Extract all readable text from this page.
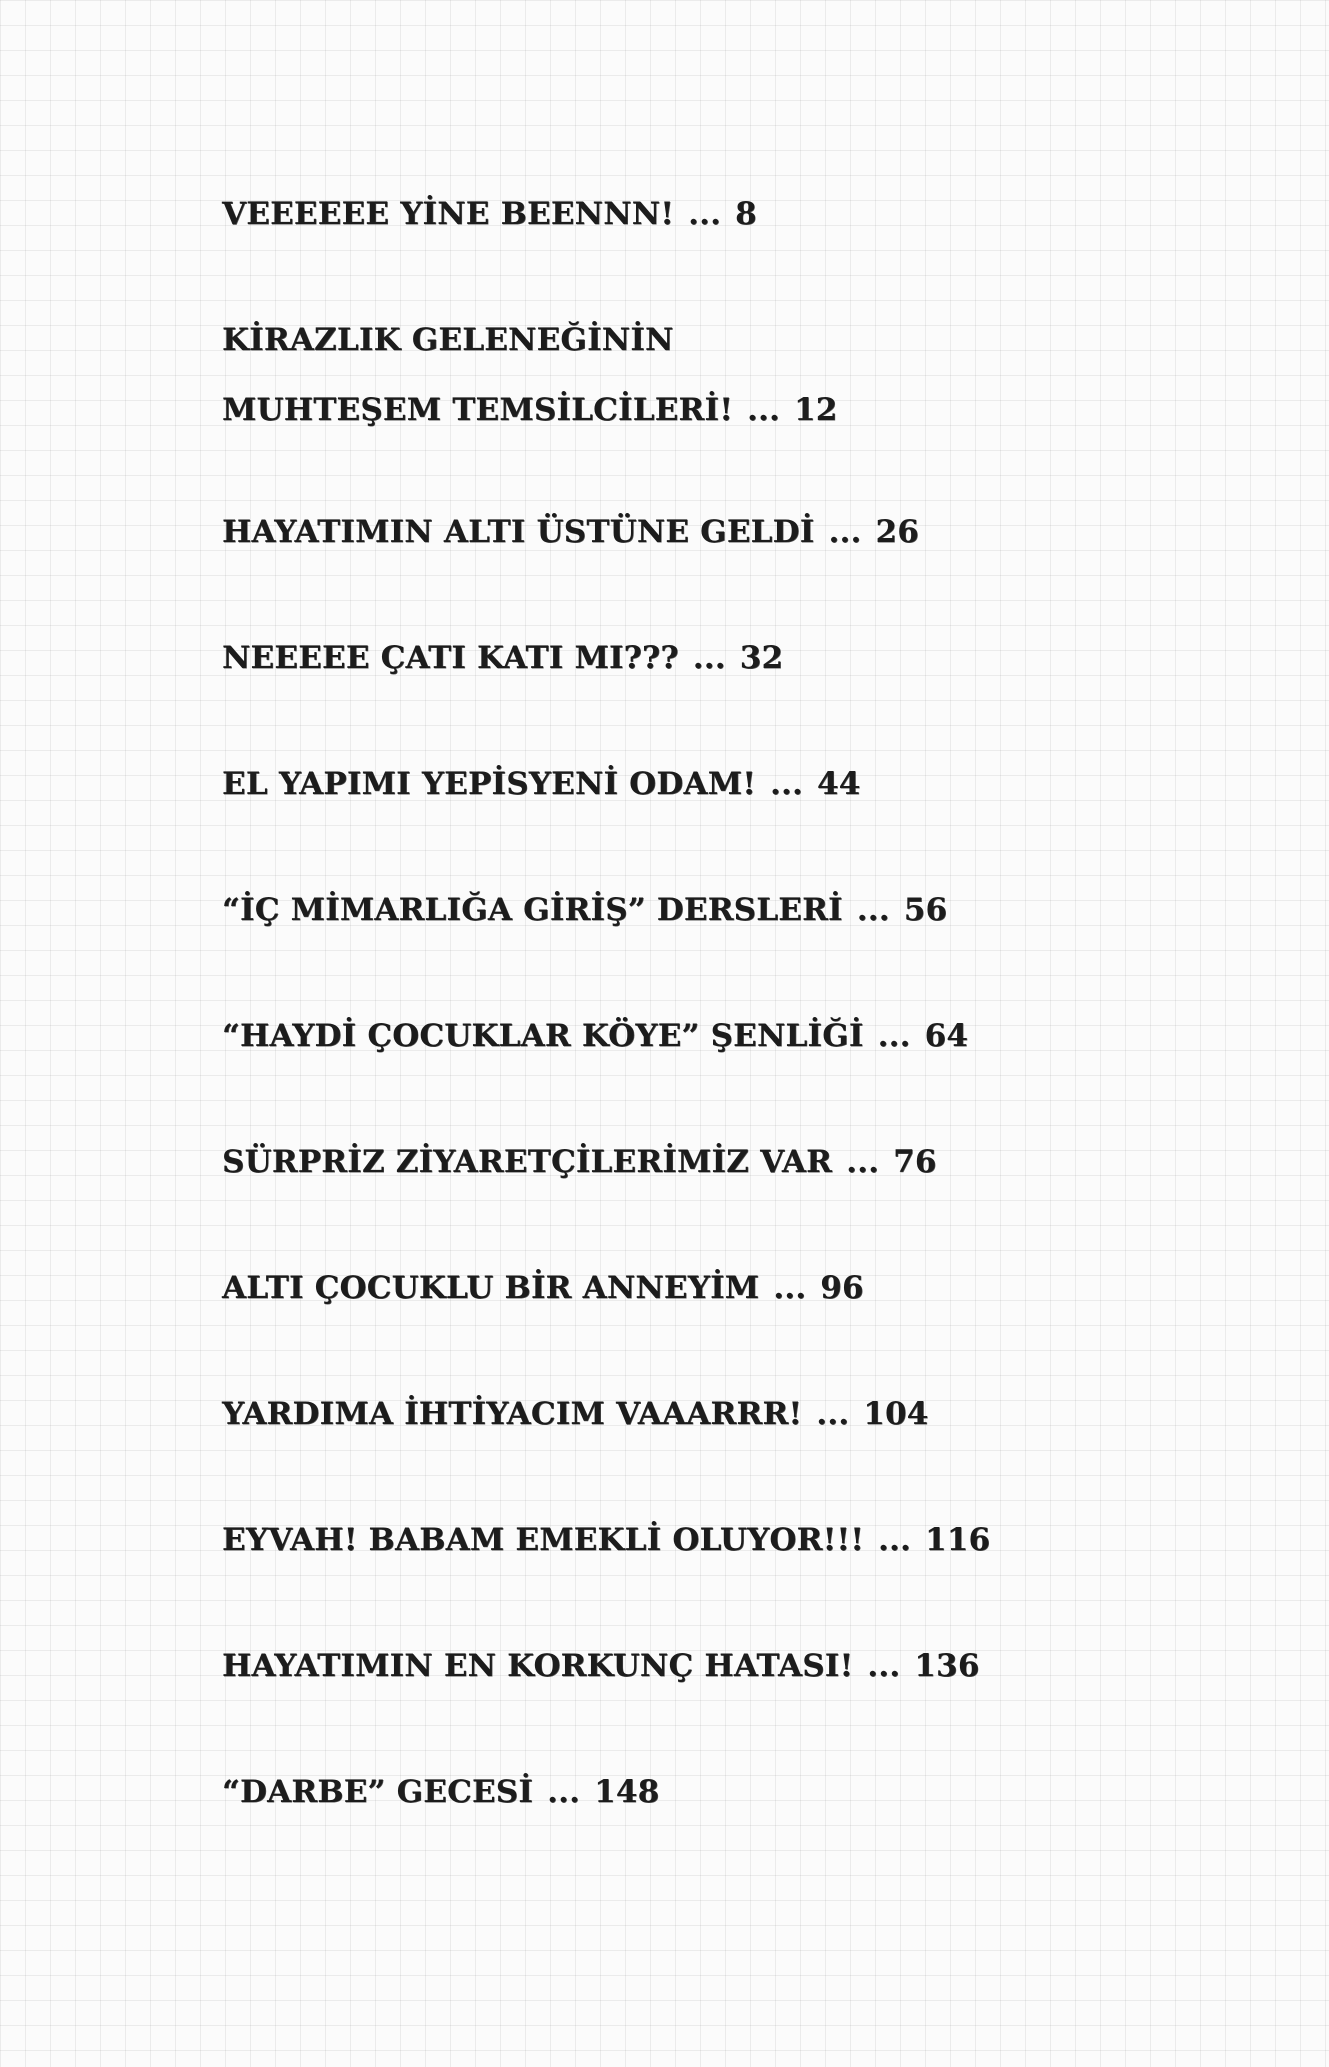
VEEEEEE YİNE BEENNN! ... 8
KİRAZLIK GELENEĞİNİN
MUHTEŞEM TEMSİLCİLERİ! ... 12
HAYATIMIN ALTI ÜSTÜNE GELDİ ... 26
NEEEEE ÇATI KATI MI??? ... 32
EL YAPIMI YEPİSYENİ ODAM! ... 44
“İÇ MİMARLIĞA GİRİŞ” DERSLERİ ... 56
“HAYDİ ÇOCUKLAR KÖYE” ŞENLİĞİ ... 64
SÜRPRİZ ZİYARETÇİLERİMİZ VAR ... 76
ALTI ÇOCUKLU BİR ANNEYİM ... 96
YARDIMA İHTİYACIM VAAARRR! ... 104
EYVAH! BABAM EMEKLİ OLUYOR!!! ... 116
HAYATIMIN EN KORKUNÇ HATASI! ... 136
“DARBE” GECESİ ... 148
